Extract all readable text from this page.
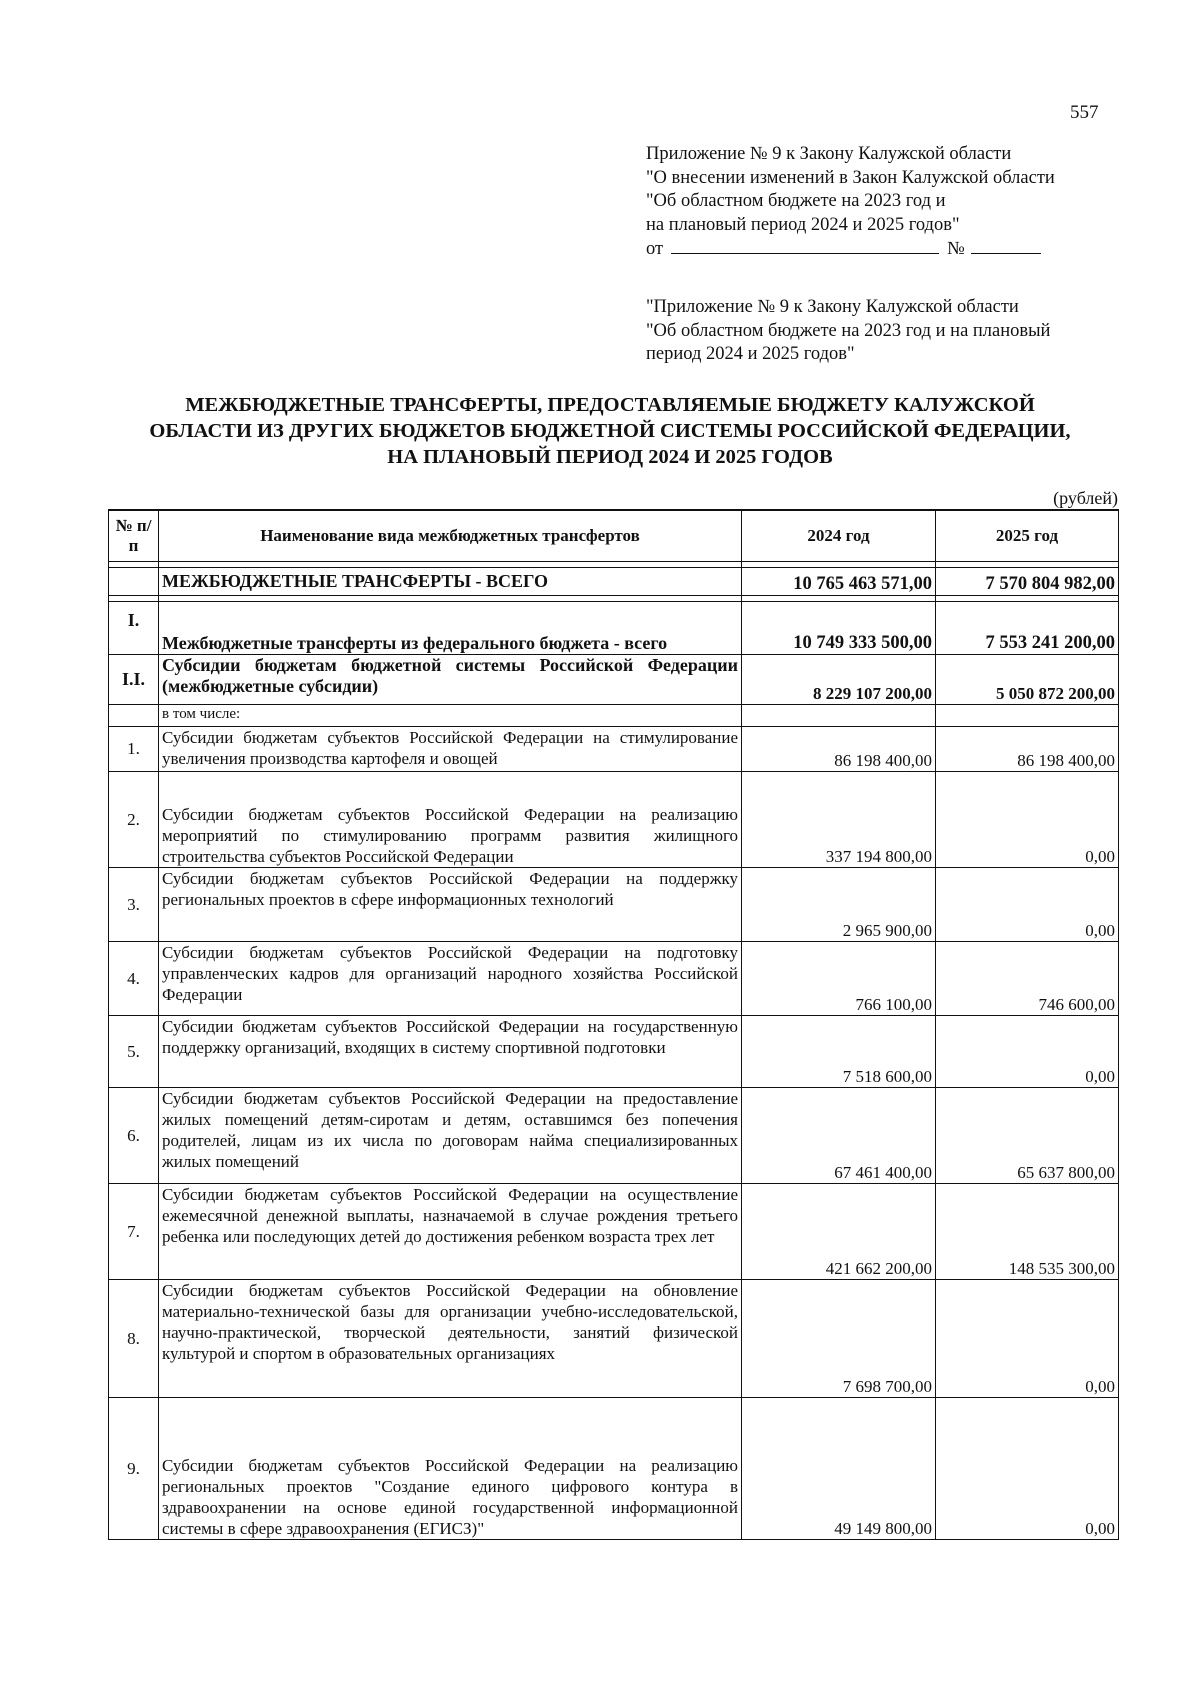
557
Приложение № 9 к Закону Калужской области
"О внесении изменений в Закон Калужской области
"Об областном бюджете на 2023 год и
на плановый период 2024 и 2025 годов"
от	№
"Приложение № 9 к Закону Калужской области
"Об областном бюджете на 2023 год и на плановый
период 2024 и 2025 годов"
МЕЖБЮДЖЕТНЫЕ ТРАНСФЕРТЫ, ПРЕДОСТАВЛЯЕМЫЕ БЮДЖЕТУ КАЛУЖСКОЙ
ОБЛАСТИ ИЗ ДРУГИХ БЮДЖЕТОВ БЮДЖЕТНОЙ СИСТЕМЫ РОССИЙСКОЙ ФЕДЕРАЦИИ,
НА ПЛАНОВЫЙ ПЕРИОД 2024 И 2025 ГОДОВ
(рублей)
№ п/п	Наименование вида межбюджетных трансфертов	2024 год	2025 год

	МЕЖБЮДЖЕТНЫЕ ТРАНСФЕРТЫ - ВСЕГО	10 765 463 571,00	7 570 804 982,00

I.	Межбюджетные трансферты из федерального бюджета - всего	10 749 333 500,00	7 553 241 200,00
I.I.	Субсидии бюджетам бюджетной системы Российской Федерации (межбюджетные субсидии)	8 229 107 200,00	5 050 872 200,00
	в том числе:		
1.	Субсидии бюджетам субъектов Российской Федерации на стимулирование увеличения производства картофеля и овощей	86 198 400,00	86 198 400,00
2.	Субсидии бюджетам субъектов Российской Федерации на реализацию мероприятий по стимулированию программ развития жилищного строительства субъектов Российской Федерации	337 194 800,00	0,00
3.	Субсидии бюджетам субъектов Российской Федерации на поддержку региональных проектов в сфере информационных технологий	2 965 900,00	0,00
4.	Субсидии бюджетам субъектов Российской Федерации на подготовку управленческих кадров для организаций народного хозяйства Российской Федерации	766 100,00	746 600,00
5.	Субсидии бюджетам субъектов Российской Федерации на государственную поддержку организаций, входящих в систему спортивной подготовки	7 518 600,00	0,00
6.	Субсидии бюджетам субъектов Российской Федерации на предоставление жилых помещений детям-сиротам и детям, оставшимся без попечения родителей, лицам из их числа по договорам найма специализированных жилых помещений	67 461 400,00	65 637 800,00
7.	Субсидии бюджетам субъектов Российской Федерации на осуществление ежемесячной денежной выплаты, назначаемой в случае рождения третьего ребенка или последующих детей до достижения ребенком возраста трех лет	421 662 200,00	148 535 300,00
8.	Субсидии бюджетам субъектов Российской Федерации на обновление материально-технической базы для организации учебно-исследовательской, научно-практической, творческой деятельности, занятий физической культурой и спортом в образовательных организациях	7 698 700,00	0,00
9.	Субсидии бюджетам субъектов Российской Федерации на реализацию региональных проектов "Создание единого цифрового контура в здравоохранении на основе единой государственной информационной системы в сфере здравоохранения (ЕГИСЗ)"	49 149 800,00	0,00
